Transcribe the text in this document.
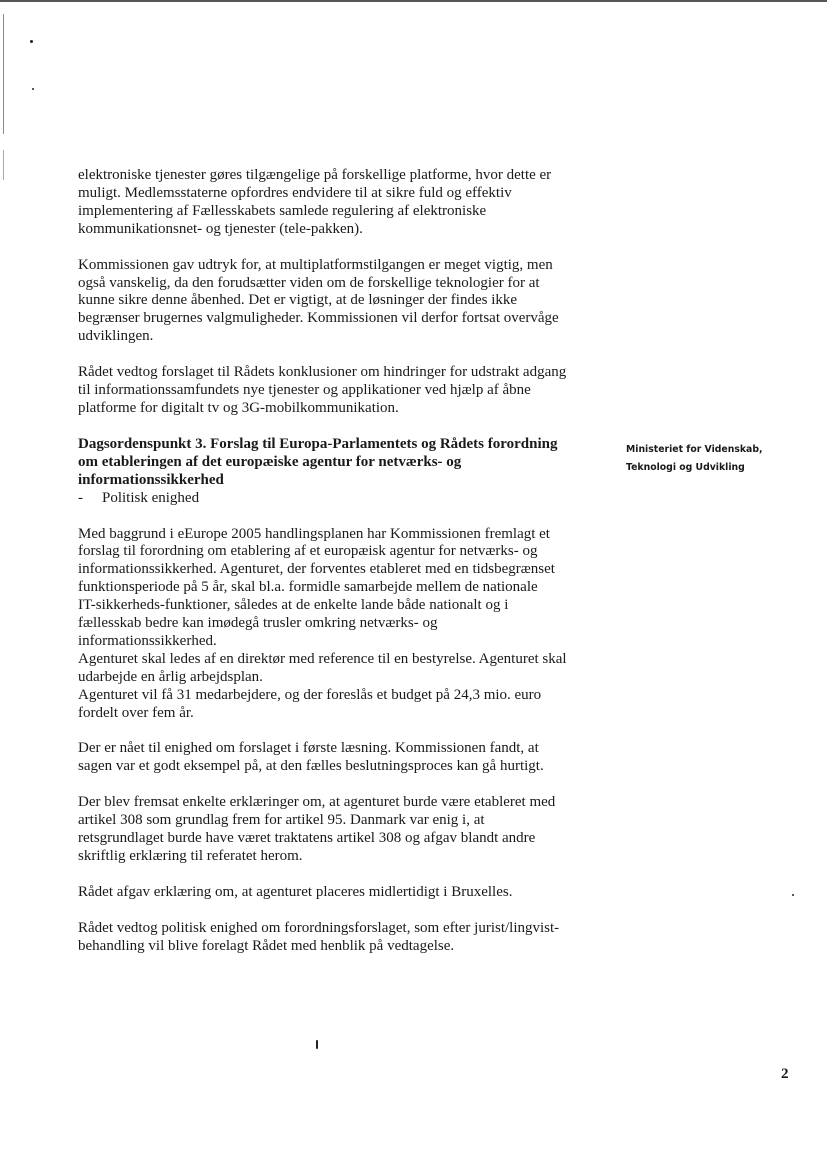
elektroniske tjenester gøres tilgængelige på forskellige platforme, hvor dette er
muligt. Medlemsstaterne opfordres endvidere til at sikre fuld og effektiv
implementering af Fællesskabets samlede regulering af elektroniske
kommunikationsnet- og tjenester (tele-pakken).

Kommissionen gav udtryk for, at multiplatformstilgangen er meget vigtig, men
også vanskelig, da den forudsætter viden om de forskellige teknologier for at
kunne sikre denne åbenhed. Det er vigtigt, at de løsninger der findes ikke
begrænser brugernes valgmuligheder. Kommissionen vil derfor fortsat overvåge
udviklingen.

Rådet vedtog forslaget til Rådets konklusioner om hindringer for udstrakt adgang
til informationssamfundets nye tjenester og applikationer ved hjælp af åbne
platforme for digitalt tv og 3G-mobilkommunikation.

Dagsordenspunkt 3. Forslag til Europa-Parlamentets og Rådets forordning
om etableringen af det europæiske agentur for netværks- og
informationssikkerhed

-	Politisk enighed

Med baggrund i eEurope 2005 handlingsplanen har Kommissionen fremlagt et
forslag til forordning om etablering af et europæisk agentur for netværks- og
informationssikkerhed. Agenturet, der forventes etableret med en tidsbegrænset
funktionsperiode på 5 år, skal bl.a. formidle samarbejde mellem de nationale
IT-sikkerheds-funktioner, således at de enkelte lande både nationalt og i
fællesskab bedre kan imødegå trusler omkring netværks- og
informationssikkerhed.
Agenturet skal ledes af en direktør med reference til en bestyrelse. Agenturet skal
udarbejde en årlig arbejdsplan.
Agenturet vil få 31 medarbejdere, og der foreslås et budget på 24,3 mio. euro
fordelt over fem år.

Der er nået til enighed om forslaget i første læsning. Kommissionen fandt, at
sagen var et godt eksempel på, at den fælles beslutningsproces kan gå hurtigt.

Der blev fremsat enkelte erklæringer om, at agenturet burde være etableret med
artikel 308 som grundlag frem for artikel 95. Danmark var enig i, at
retsgrundlaget burde have været traktatens artikel 308 og afgav blandt andre
skriftlig erklæring til referatet herom.

Rådet afgav erklæring om, at agenturet placeres midlertidigt i Bruxelles.

Rådet vedtog politisk enighed om forordningsforslaget, som efter jurist/lingvist-
behandling vil blive forelagt Rådet med henblik på vedtagelse.

Ministeriet for Videnskab,
Teknologi og Udvikling
2
